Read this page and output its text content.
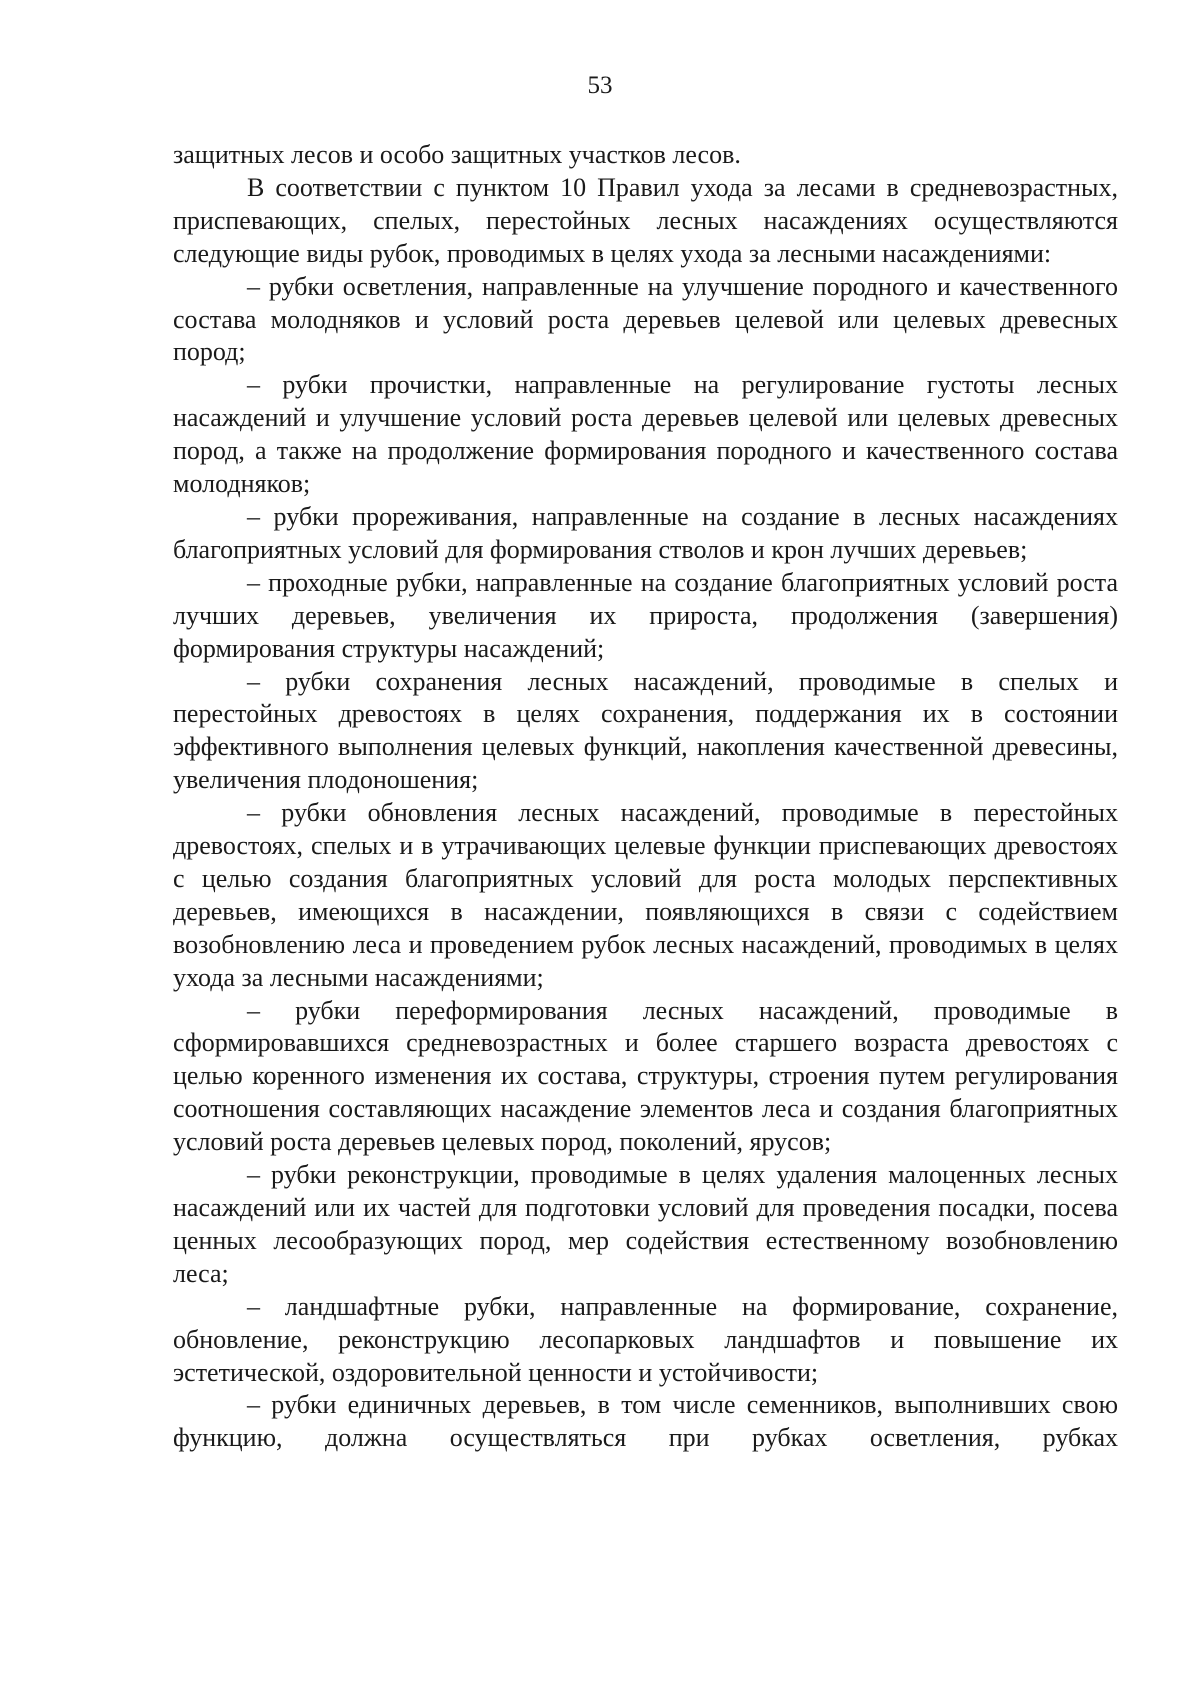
53

защитных лесов и особо защитных участков лесов.

В соответствии с пунктом 10 Правил ухода за лесами в средневозрастных, приспевающих, спелых, перестойных лесных насаждениях осуществляются следующие виды рубок, проводимых в целях ухода за лесными насаждениями:

– рубки осветления, направленные на улучшение породного и качественного состава молодняков и условий роста деревьев целевой или целевых древесных пород;

– рубки прочистки, направленные на регулирование густоты лесных насаждений и улучшение условий роста деревьев целевой или целевых древесных пород, а также на продолжение формирования породного и качественного состава молодняков;

– рубки прореживания, направленные на создание в лесных насаждениях благоприятных условий для формирования стволов и крон лучших деревьев;

– проходные рубки, направленные на создание благоприятных условий роста лучших деревьев, увеличения их прироста, продолжения (завершения) формирования структуры насаждений;

– рубки сохранения лесных насаждений, проводимые в спелых и перестойных древостоях в целях сохранения, поддержания их в состоянии эффективного выполнения целевых функций, накопления качественной древесины, увеличения плодоношения;

– рубки обновления лесных насаждений, проводимые в перестойных древостоях, спелых и в утрачивающих целевые функции приспевающих древостоях с целью создания благоприятных условий для роста молодых перспективных деревьев, имеющихся в насаждении, появляющихся в связи с содействием возобновлению леса и проведением рубок лесных насаждений, проводимых в целях ухода за лесными насаждениями;

– рубки переформирования лесных насаждений, проводимые в сформировавшихся средневозрастных и более старшего возраста древостоях с целью коренного изменения их состава, структуры, строения путем регулирования соотношения составляющих насаждение элементов леса и создания благоприятных условий роста деревьев целевых пород, поколений, ярусов;

– рубки реконструкции, проводимые в целях удаления малоценных лесных насаждений или их частей для подготовки условий для проведения посадки, посева ценных лесообразующих пород, мер содействия естественному возобновлению леса;

– ландшафтные рубки, направленные на формирование, сохранение, обновление, реконструкцию лесопарковых ландшафтов и повышение их эстетической, оздоровительной ценности и устойчивости;

– рубки единичных деревьев, в том числе семенников, выполнивших свою функцию, должна осуществляться при рубках осветления, рубках
